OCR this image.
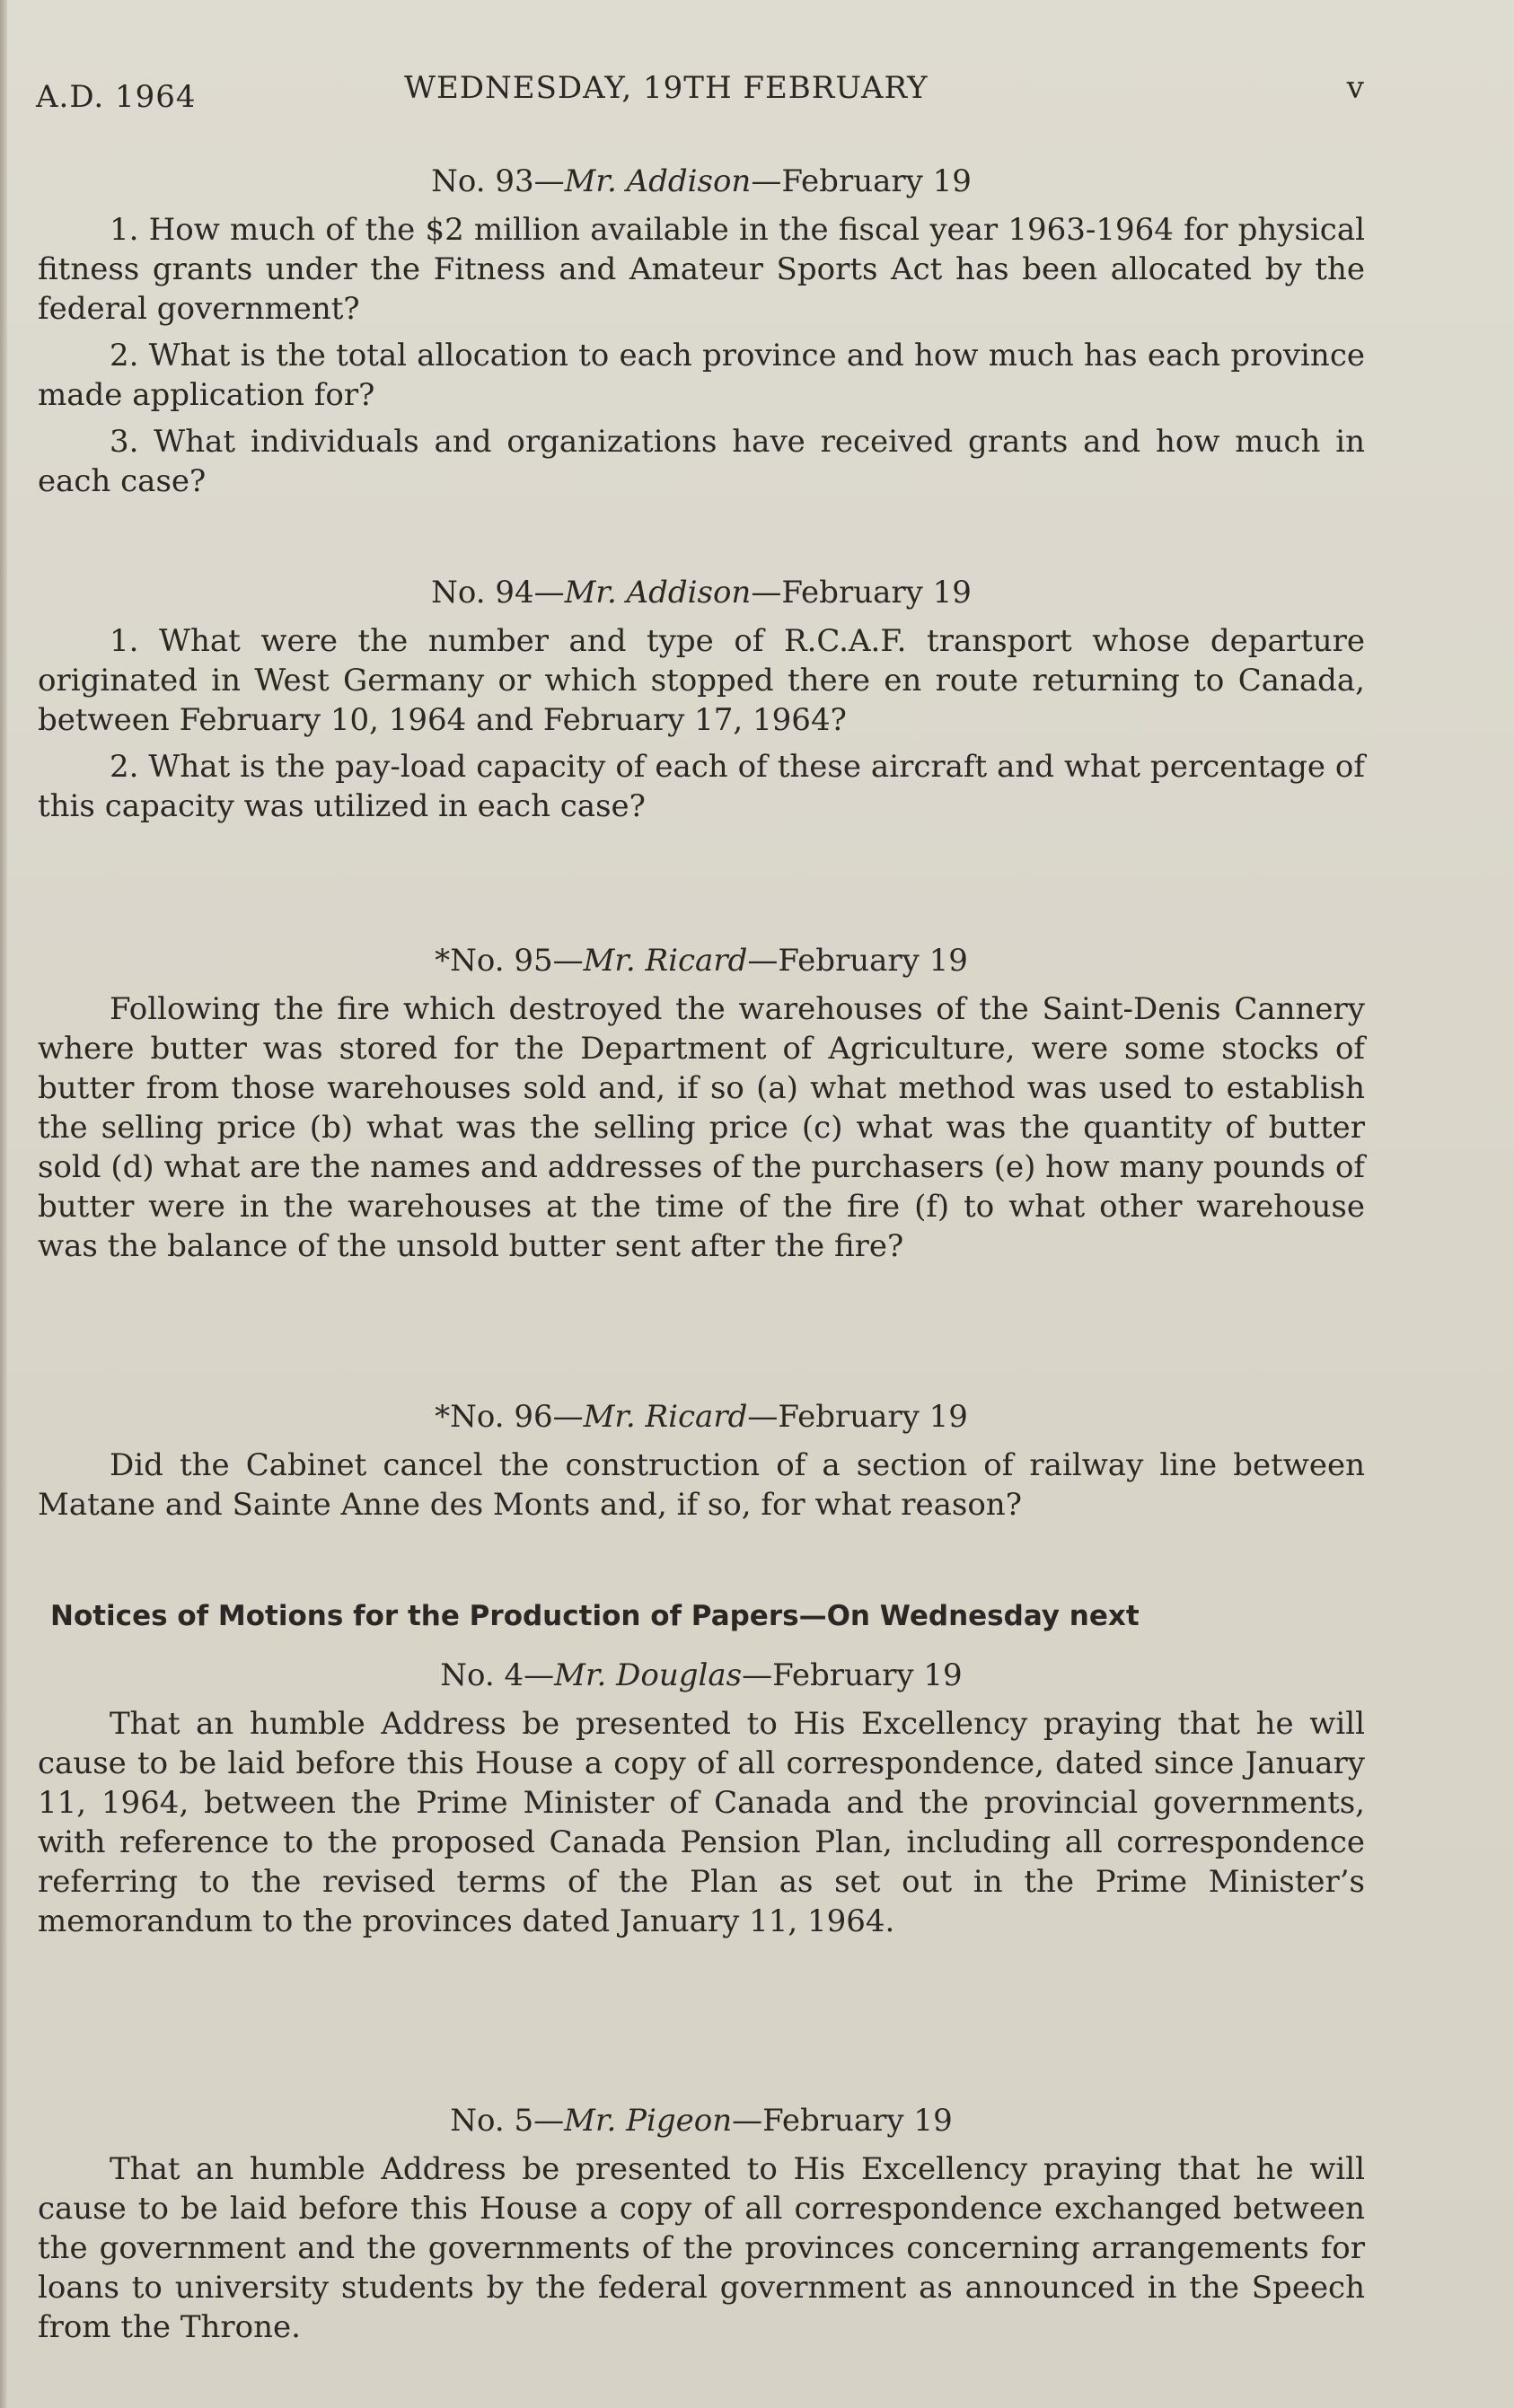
A.D. 1964	WEDNESDAY, 19TH FEBRUARY	v
No. 93—Mr. Addison—February 19

1. How much of the $2 million available in the fiscal year 1963-1964 for physical fitness grants under the Fitness and Amateur Sports Act has been allocated by the federal government?

2. What is the total allocation to each province and how much has each province made application for?

3. What individuals and organizations have received grants and how much in each case?

No. 94—Mr. Addison—February 19

1. What were the number and type of R.C.A.F. transport whose departure originated in West Germany or which stopped there en route returning to Canada, between February 10, 1964 and February 17, 1964?

2. What is the pay-load capacity of each of these aircraft and what percentage of this capacity was utilized in each case?

*No. 95—Mr. Ricard—February 19

Following the fire which destroyed the warehouses of the Saint-Denis Cannery where butter was stored for the Department of Agriculture, were some stocks of butter from those warehouses sold and, if so (a) what method was used to establish the selling price (b) what was the selling price (c) what was the quantity of butter sold (d) what are the names and addresses of the purchasers (e) how many pounds of butter were in the warehouses at the time of the fire (f) to what other warehouse was the balance of the unsold butter sent after the fire?

*No. 96—Mr. Ricard—February 19

Did the Cabinet cancel the construction of a section of railway line between Matane and Sainte Anne des Monts and, if so, for what reason?

Notices of Motions for the Production of Papers—On Wednesday next
No. 4—Mr. Douglas—February 19

That an humble Address be presented to His Excellency praying that he will cause to be laid before this House a copy of all correspondence, dated since January 11, 1964, between the Prime Minister of Canada and the provincial governments, with reference to the proposed Canada Pension Plan, including all correspondence referring to the revised terms of the Plan as set out in the Prime Minister’s memorandum to the provinces dated January 11, 1964.

No. 5—Mr. Pigeon—February 19

That an humble Address be presented to His Excellency praying that he will cause to be laid before this House a copy of all correspondence exchanged between the government and the governments of the provinces concerning arrangements for loans to university students by the federal government as announced in the Speech from the Throne.
